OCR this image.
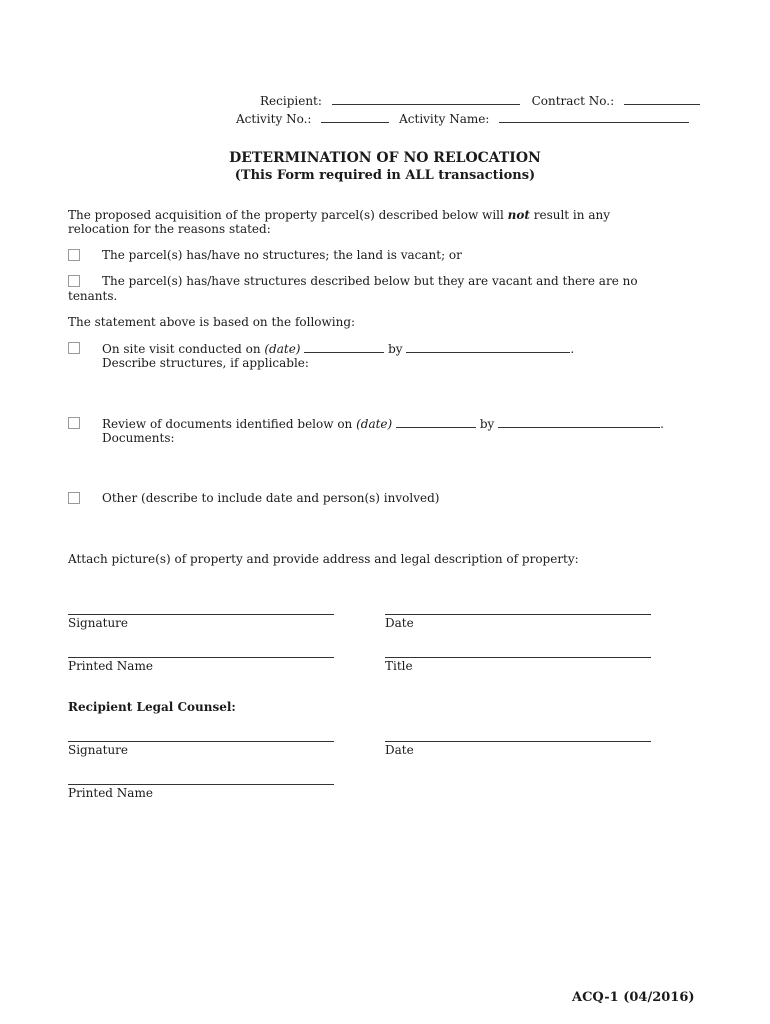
Recipient:	Contract No.:
Activity No.:	Activity Name:
DETERMINATION OF NO RELOCATION
(This Form required in ALL transactions)
The proposed acquisition of the property parcel(s) described below will not result in any
relocation for the reasons stated:
The parcel(s) has/have no structures; the land is vacant; or
The parcel(s) has/have structures described below but they are vacant and there are no
tenants.
The statement above is based on the following:
On site visit conducted on (date)	by	.
Describe structures, if applicable:
Review of documents identified below on (date)	by	.
Documents:
Other (describe to include date and person(s) involved)
Attach picture(s) of property and provide address and legal description of property:
Signature	Date
Printed Name	Title
Recipient Legal Counsel:
Signature	Date
Printed Name
ACQ-1 (04/2016)
